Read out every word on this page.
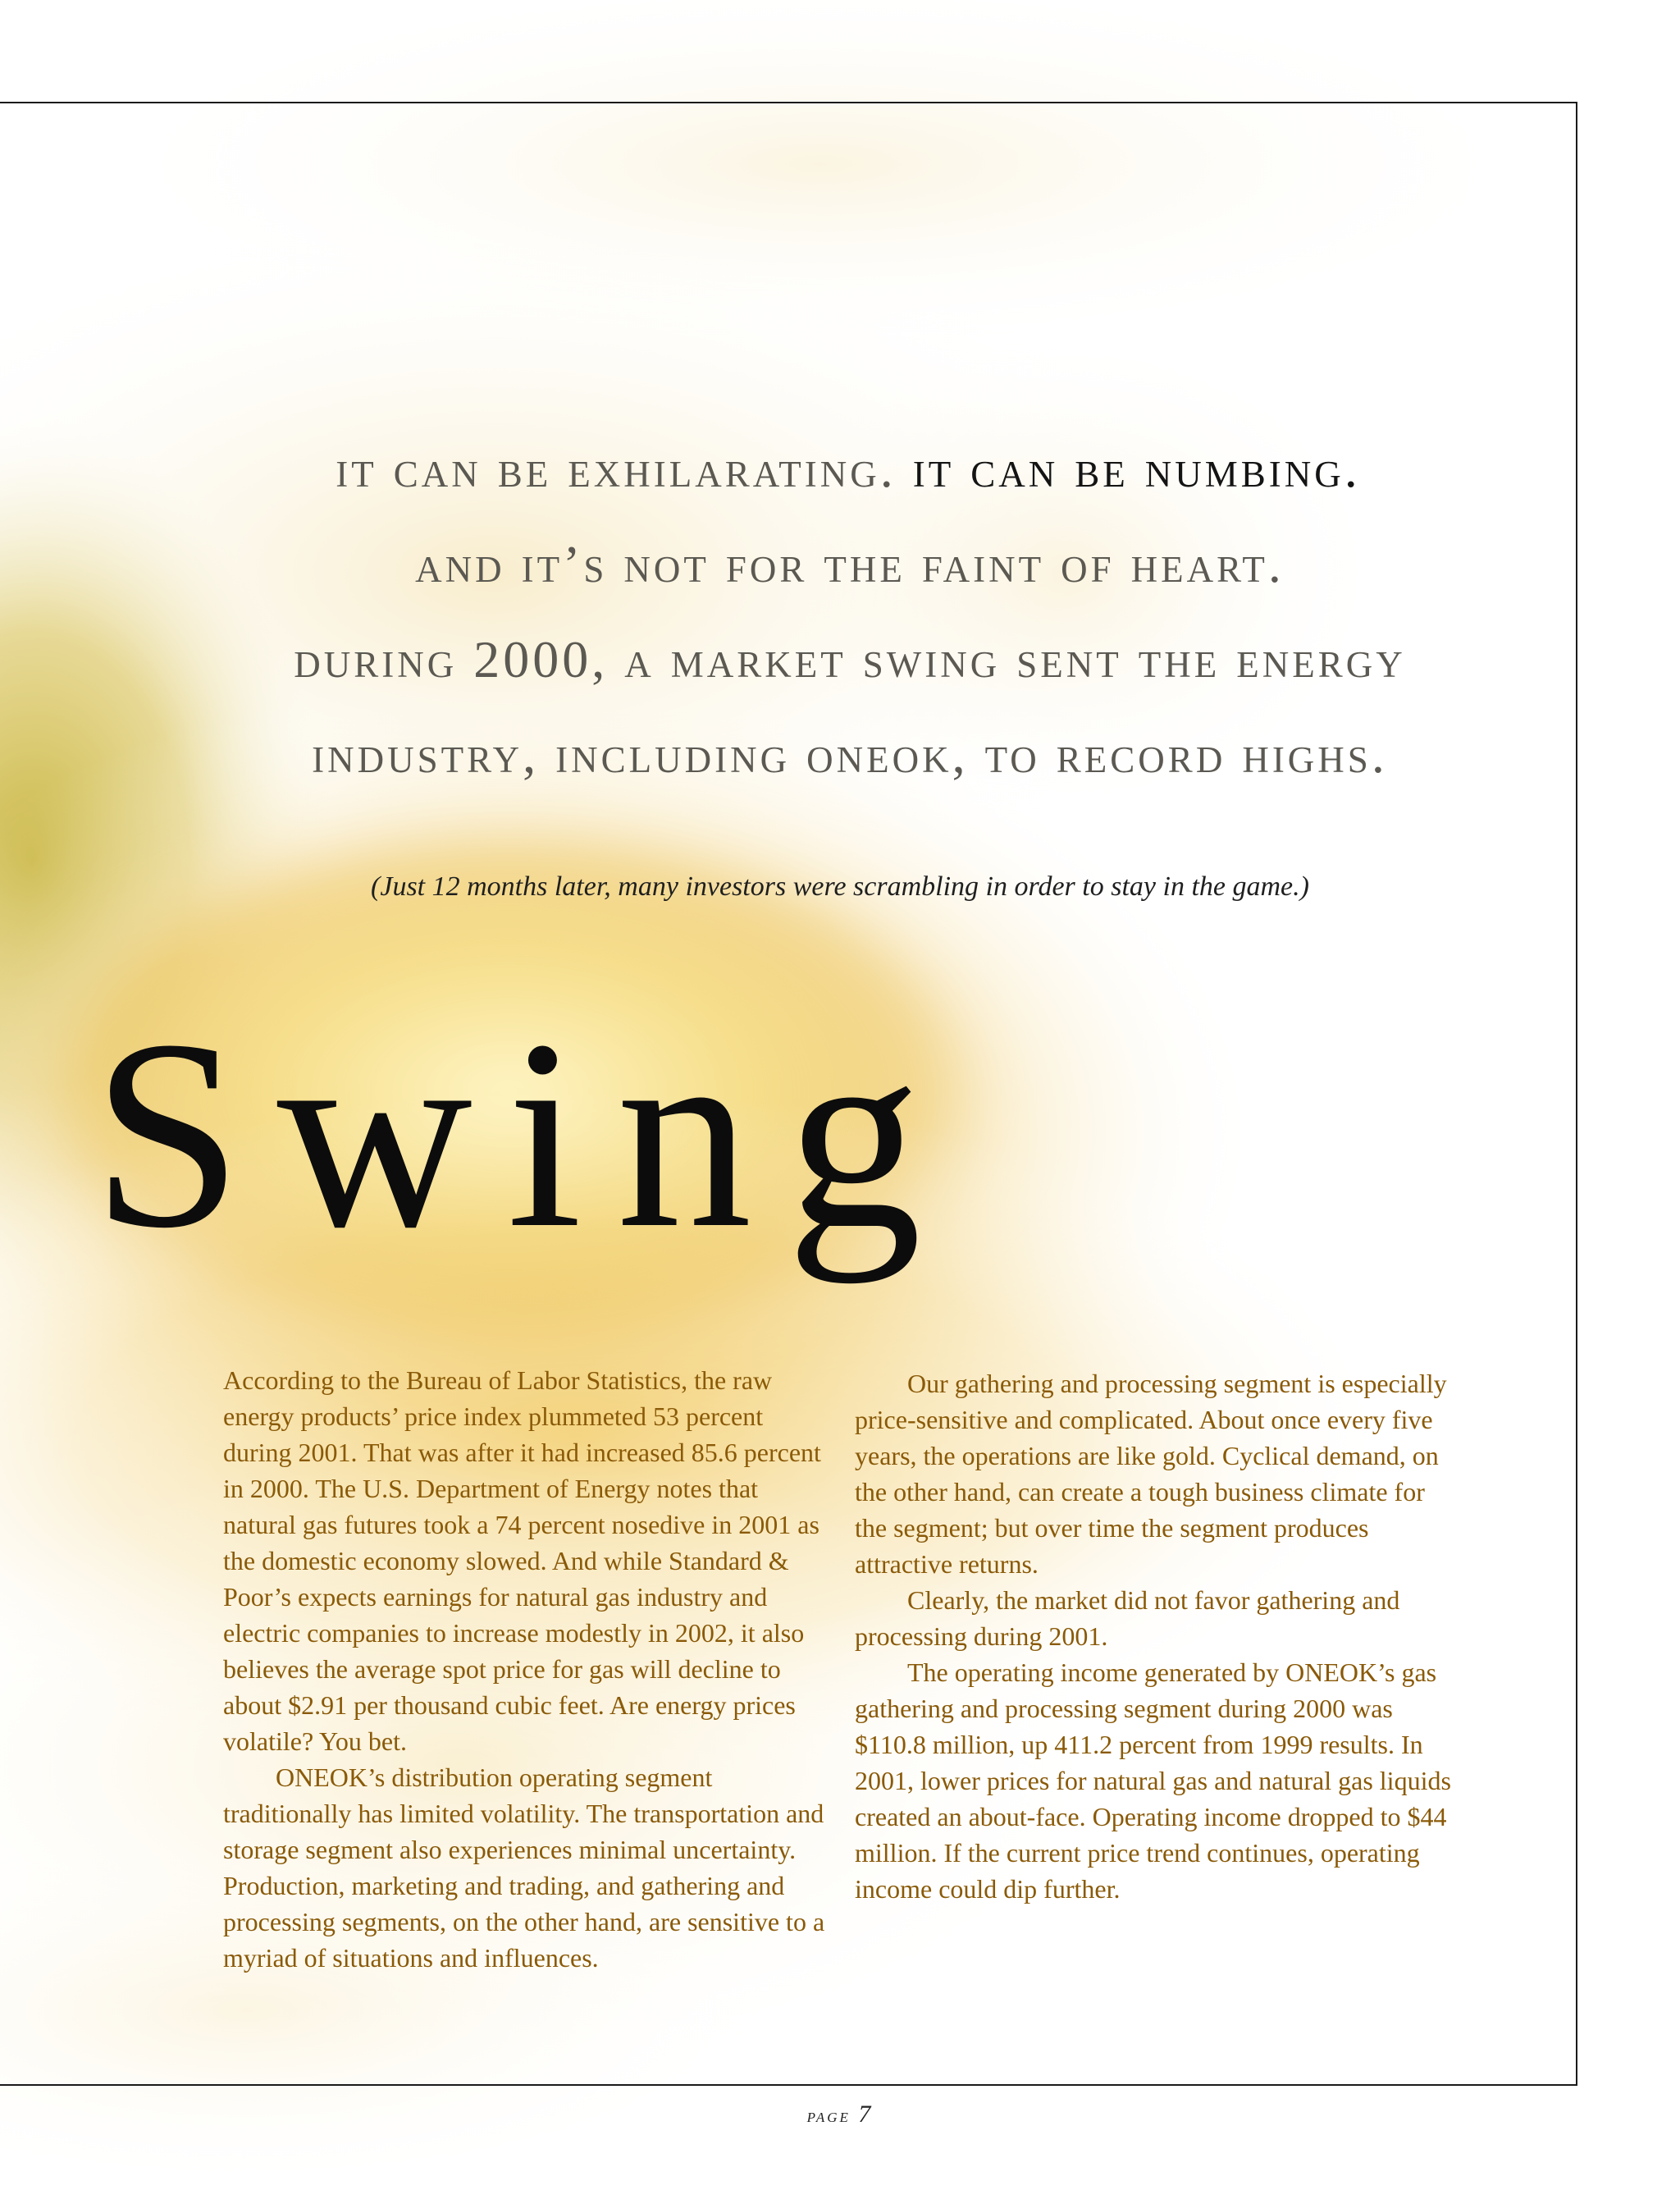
it can be exhilarating. it can be numbing.
and it’s not for the faint of heart.
during 2000, a market swing sent the energy
industry, including oneok, to record highs.
(Just 12 months later, many investors were scrambling in order to stay in the game.)
Swing

According to the Bureau of Labor Statistics, the raw energy products’ price index plummeted 53 percent during 2001. That was after it had increased 85.6 percent in 2000. The U.S. Department of Energy notes that natural gas futures took a 74 percent nosedive in 2001 as the domestic economy slowed. And while Standard & Poor’s expects earnings for natural gas industry and electric companies to increase modestly in 2002, it also believes the average spot price for gas will decline to about $2.91 per thousand cubic feet. Are energy prices volatile? You bet.

ONEOK’s distribution operating segment traditionally has limited volatility. The transportation and storage segment also experiences minimal uncertainty. Production, marketing and trading, and gathering and processing segments, on the other hand, are sensitive to a myriad of situations and influences.

Our gathering and processing segment is especially price-sensitive and complicated. About once every five years, the operations are like gold. Cyclical demand, on the other hand, can create a tough business climate for the segment; but over time the segment produces attractive returns.

Clearly, the market did not favor gathering and processing during 2001.

The operating income generated by ONEOK’s gas gathering and processing segment during 2000 was $110.8 million, up 411.2 percent from 1999 results. In 2001, lower prices for natural gas and natural gas liquids created an about-face. Operating income dropped to $44 million. If the current price trend continues, operating income could dip further.

page 7
